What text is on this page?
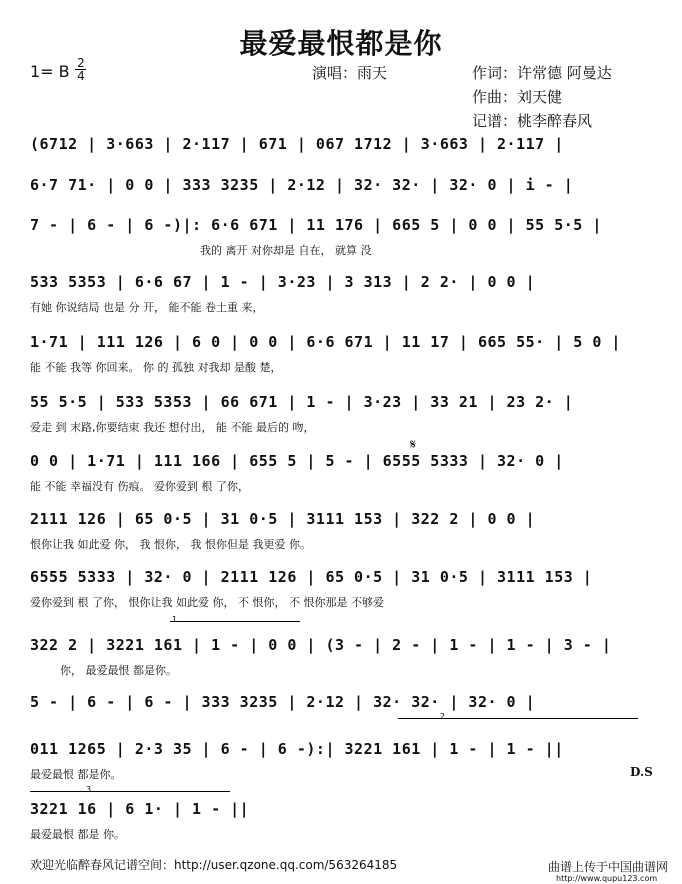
最爱最恨都是你
1= B 2
4	演唱：雨天	作词：许常德 阿曼达
作曲：刘天健
记谱：桃李醉春风
(6712 | 3·663 | 2·117 | 671 | 067 1712 | 3·663 | 2·117 |
6·7 71· | 0 0 | 333 3235 | 2·12 | 32· 32· | 32· 0 | i - |
7 - | 6 - | 6 -)|: 6·6 671 | 11 176 | 665 5 | 0 0 | 55 5·5 |
我的 离开 对你却是 自在， 就算 没
533 5353 | 6·6 67 | 1 - | 3·23 | 3 313 | 2 2· | 0 0 |
有她 你说结局 也是 分 开， 能不能 卷土重 来，
1·71 | 111 126 | 6 0 | 0 0 | 6·6 671 | 11 17 | 665 55· | 5 0 |
能 不能 我等 你回来。 你 的 孤独 对我却 是酸 楚，
55 5·5 | 533 5353 | 66 671 | 1 - | 3·23 | 33 21 | 23 2· |
爱走 到 末路,你要结束 我还 想付出， 能 不能 最后的 吻，
0 0 | 1·71 | 111 166 | 655 5 | 5 - | 6555 5333 | 32· 0 |
能 不能 幸福没有 伤痕。 爱你爱到 根 了你，
2111 126 | 65 0·5 | 31 0·5 | 3111 153 | 322 2 | 0 0 |
恨你让我 如此爱 你， 我 恨你， 我 恨你但是 我更爱 你。
6555 5333 | 32· 0 | 2111 126 | 65 0·5 | 31 0·5 | 3111 153 |
爱你爱到 根 了你， 恨你让我 如此爱 你， 不 恨你， 不 恨你那是 不够爱
322 2 | 3221 161 | 1 - | 0 0 | (3 - | 2 - | 1 - | 1 - | 3 - |
你， 最爱最恨 都是你。
5 - | 6 - | 6 - | 333 3235 | 2·12 | 32· 32· | 32· 0 |
011 1265 | 2·3 35 | 6 - | 6 -):| 3221 161 | 1 - | 1 - ||
最爱最恨 都是你。
3221 16 | 6 1· | 1 - ||
最爱最恨 都是 你。
2
1
3
𝄋
D.S
欢迎光临醉春风记谱空间：http://user.qzone.qq.com/563264185	曲谱上传于中国曲谱网
http://www.qupu123.com
